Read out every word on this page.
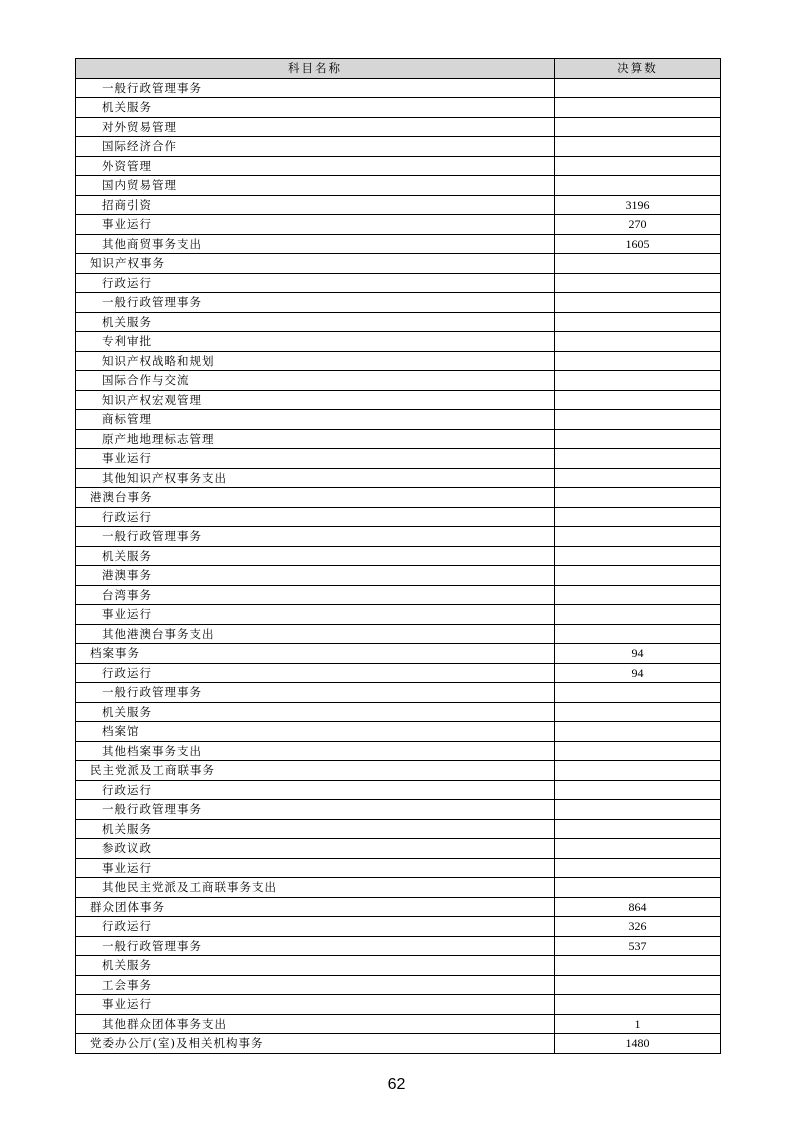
科目名称	决算数
一般行政管理事务	
机关服务	
对外贸易管理	
国际经济合作	
外资管理	
国内贸易管理	
招商引资	3196
事业运行	270
其他商贸事务支出	1605
知识产权事务	
行政运行	
一般行政管理事务	
机关服务	
专利审批	
知识产权战略和规划	
国际合作与交流	
知识产权宏观管理	
商标管理	
原产地地理标志管理	
事业运行	
其他知识产权事务支出	
港澳台事务	
行政运行	
一般行政管理事务	
机关服务	
港澳事务	
台湾事务	
事业运行	
其他港澳台事务支出	
档案事务	94
行政运行	94
一般行政管理事务	
机关服务	
档案馆	
其他档案事务支出	
民主党派及工商联事务	
行政运行	
一般行政管理事务	
机关服务	
参政议政	
事业运行	
其他民主党派及工商联事务支出	
群众团体事务	864
行政运行	326
一般行政管理事务	537
机关服务	
工会事务	
事业运行	
其他群众团体事务支出	1
党委办公厅(室)及相关机构事务	1480
62
